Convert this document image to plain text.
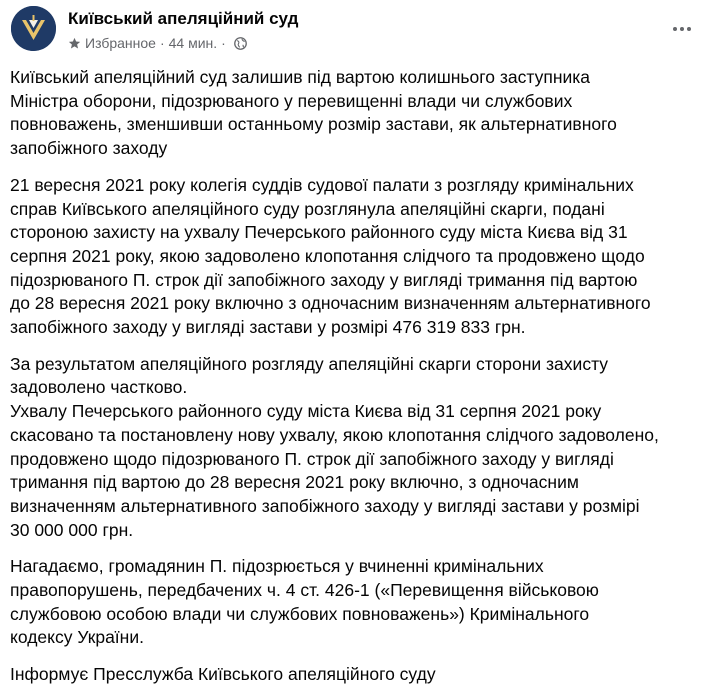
Київський апеляційний суд
Избранное · 44 мин. ·

Київський апеляційний суд залишив під вартою колишнього заступника
Міністра оборони, підозрюваного у перевищенні влади чи службових
повноважень, зменшивши останньому розмір застави, як альтернативного
запобіжного заходу

21 вересня 2021 року колегія суддів судової палати з розгляду кримінальних
справ Київського апеляційного суду розглянула апеляційні скарги, подані
стороною захисту на ухвалу Печерського районного суду міста Києва від 31
серпня 2021 року, якою задоволено клопотання слідчого та продовжено щодо
підозрюваного П. строк дії запобіжного заходу у вигляді тримання під вартою
до 28 вересня 2021 року включно з одночасним визначенням альтернативного
запобіжного заходу у вигляді застави у розмірі 476 319 833 грн.

За результатом апеляційного розгляду апеляційні скарги сторони захисту
задоволено частково.
Ухвалу Печерського районного суду міста Києва від 31 серпня 2021 року
скасовано та постановлену нову ухвалу, якою клопотання слідчого задоволено,
продовжено щодо підозрюваного П. строк дії запобіжного заходу у вигляді
тримання під вартою до 28 вересня 2021 року включно, з одночасним
визначенням альтернативного запобіжного заходу у вигляді застави у розмірі
30 000 000 грн.

Нагадаємо, громадянин П. підозрюється у вчиненні кримінальних
правопорушень, передбачених ч. 4 ст. 426-1 («Перевищення військовою
службовою особою влади чи службових повноважень») Кримінального
кодексу України.

Інформує Пресслужба Київського апеляційного суду
